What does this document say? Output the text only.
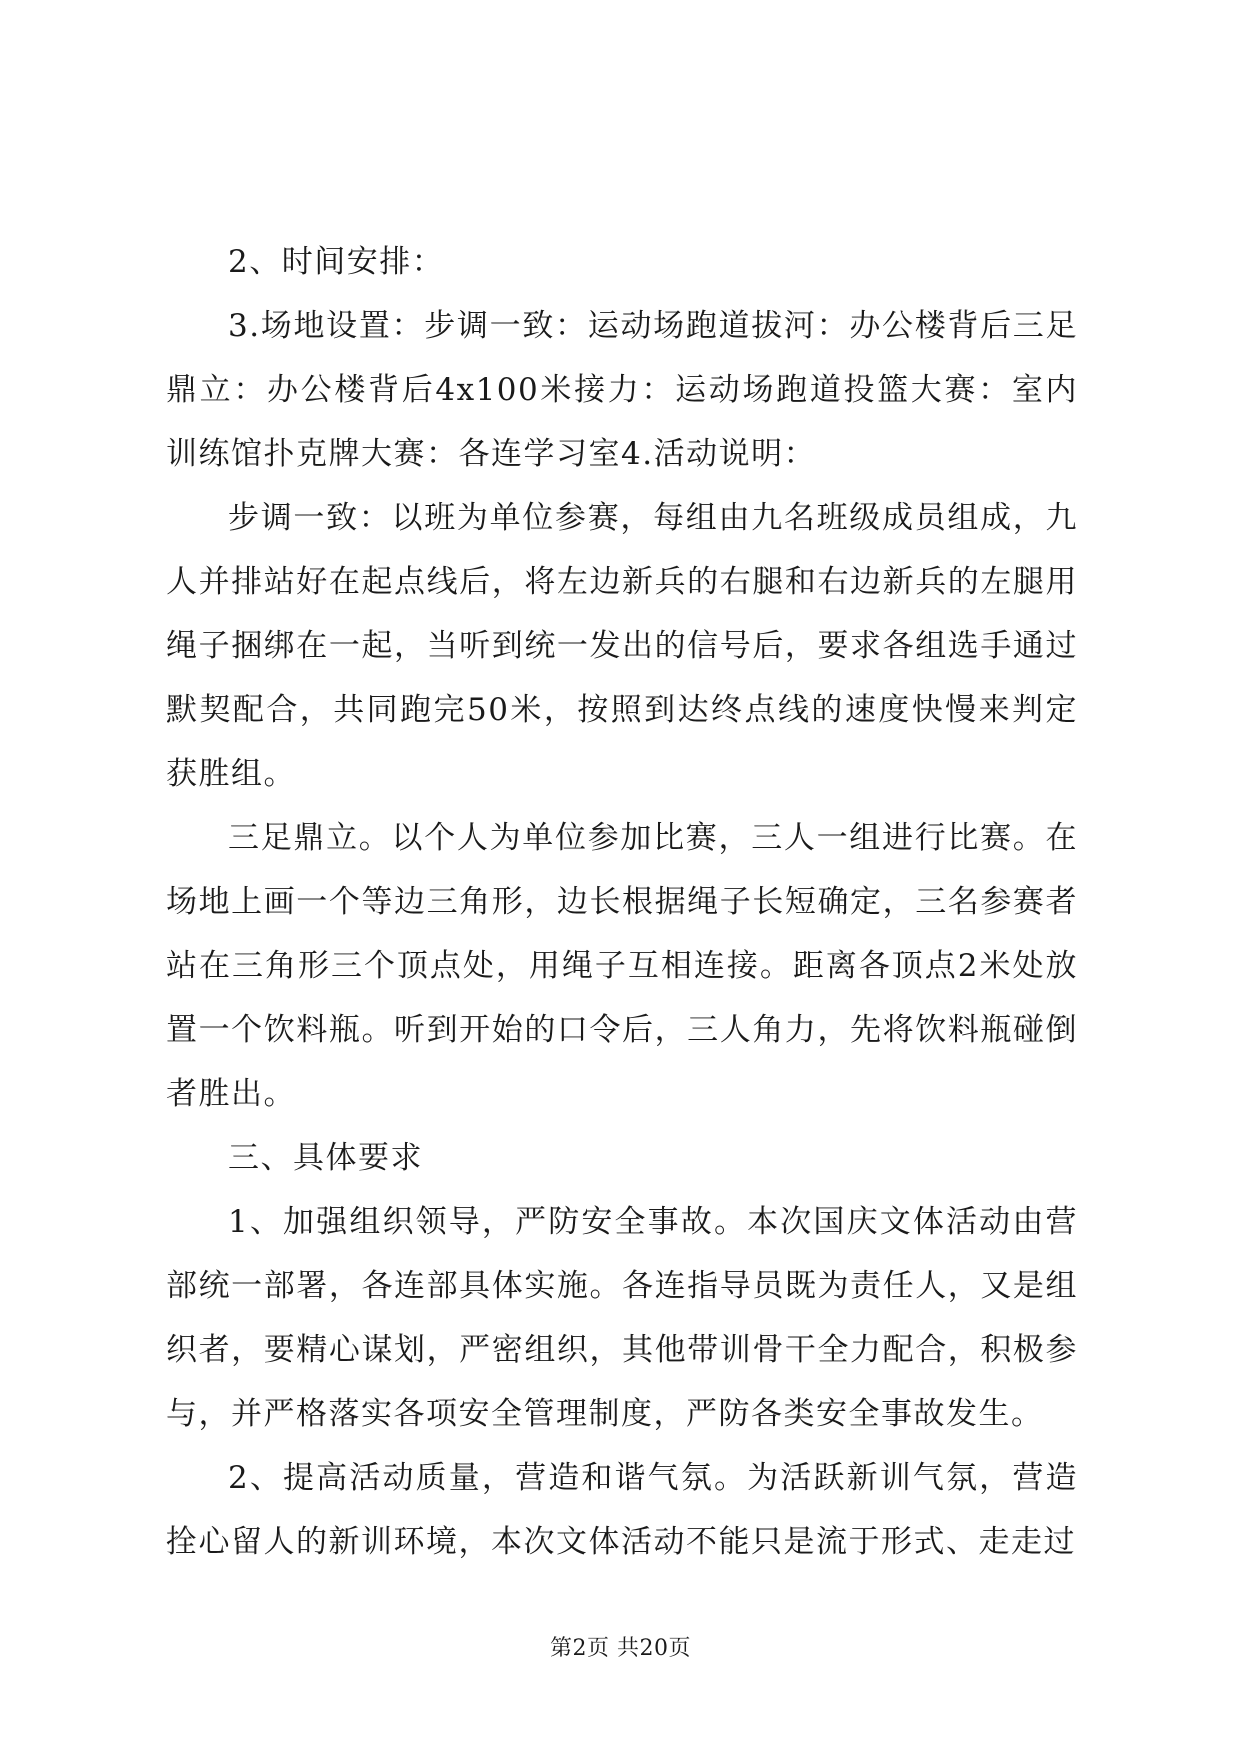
2、时间安排：

3.场地设置：步调一致：运动场跑道拔河：办公楼背后三足鼎立：办公楼背后4x100米接力：运动场跑道投篮大赛：室内训练馆扑克牌大赛：各连学习室4.活动说明：

步调一致：以班为单位参赛，每组由九名班级成员组成，九人并排站好在起点线后，将左边新兵的右腿和右边新兵的左腿用绳子捆绑在一起，当听到统一发出的信号后，要求各组选手通过默契配合，共同跑完50米，按照到达终点线的速度快慢来判定获胜组。

三足鼎立。以个人为单位参加比赛，三人一组进行比赛。在场地上画一个等边三角形，边长根据绳子长短确定，三名参赛者站在三角形三个顶点处，用绳子互相连接。距离各顶点2米处放置一个饮料瓶。听到开始的口令后，三人角力，先将饮料瓶碰倒者胜出。

三、具体要求

1、加强组织领导，严防安全事故。本次国庆文体活动由营部统一部署，各连部具体实施。各连指导员既为责任人，又是组织者，要精心谋划，严密组织，其他带训骨干全力配合，积极参与，并严格落实各项安全管理制度，严防各类安全事故发生。

2、提高活动质量，营造和谐气氛。为活跃新训气氛，营造拴心留人的新训环境，本次文体活动不能只是流于形式、走走过

第2页 共20页
